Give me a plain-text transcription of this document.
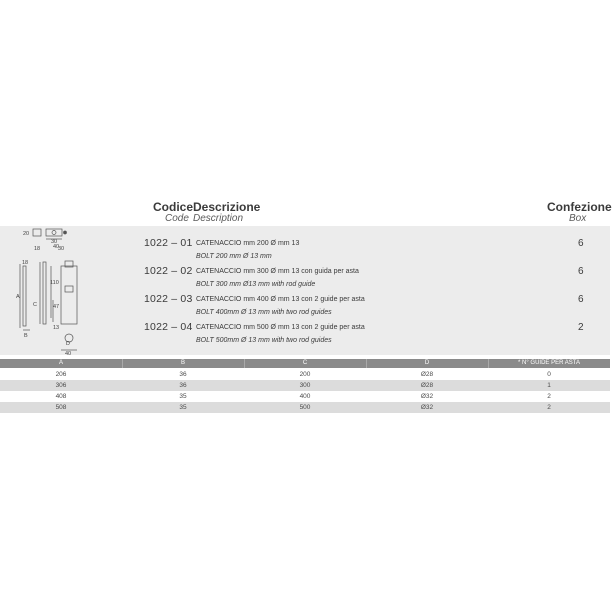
Codice Descrizione
Code Description
Confezione
Box
20
30
18	30
40
18
A
C
B
110
47
13
D
40
1022 – 01 CATENACCIO mm 200 Ø mm 13
BOLT 200 mm Ø 13 mm
6
1022 – 02 CATENACCIO mm 300 Ø mm 13 con guida per asta
BOLT 300 mm Ø13 mm with rod guide
6
1022 – 03 CATENACCIO mm 400 Ø mm 13 con 2 guide per asta
BOLT 400mm Ø 13 mm with two rod guides
6
1022 – 04 CATENACCIO mm 500 Ø mm 13 con 2 guide per asta
BOLT 500mm Ø 13 mm with two rod guides
2
A	B	C	D	* N° GUIDE PER ASTA
206	36	200	Ø28	0
306	36	300	Ø28	1
408	35	400	Ø32	2
508	35	500	Ø32	2
